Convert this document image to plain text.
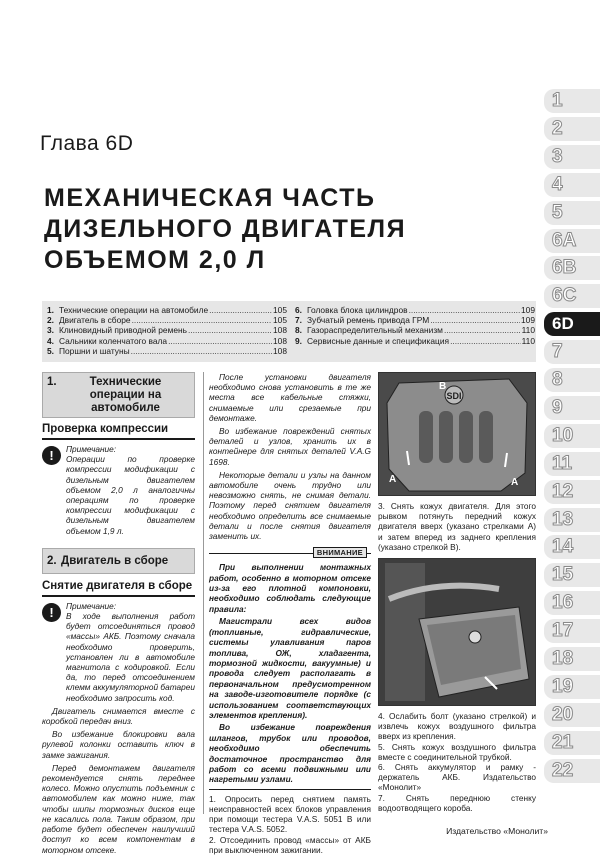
Глава 6D
МЕХАНИЧЕСКАЯ ЧАСТЬ
ДИЗЕЛЬНОГО ДВИГАТЕЛЯ
ОБЪЕМОМ 2,0 Л
1. Технические операции на автомобиле .....	105
2. Двигатель в сборе .....	105
3. Клиновидный приводной ремень .....	108
4. Сальники коленчатого вала .....	108
5. Поршни и шатуны .....	108
6. Головка блока цилиндров .....	109
7. Зубчатый ремень привода ГРМ .....	109
8. Газораспределительный механизм .....	110
9. Сервисные данные и спецификация .....	110
1.	Технические операции на автомобиле
Проверка компрессии
!	Примечание:
Операции по проверке компрессии модификации с дизельным двигателем объемом 2,0 л аналогичны операциям по проверке компрессии модификации с дизельным двигателем объемом 1,9 л.
2. Двигатель в сборе
Снятие двигателя в сборе
!	Примечание:
В ходе выполнения работ будет отсоединяться провод «массы» АКБ. Поэтому сначала необходимо проверить, установлен ли в автомобиле магнитола с кодировкой. Если да, то перед отсоединением клемм аккумуляторной батареи необходимо запросить код.

Двигатель снимается вместе с коробкой передач вниз.

Во избежание блокировки вала рулевой колонки оставить ключ в замке зажигания.

Перед демонтажем двигателя рекомендуется снять переднее колесо. Можно опустить подъемник с автомобилем как можно ниже, так чтобы шипы тормозных дисков еще не касались пола. Таким образом, при работе будет обеспечен наилучший доступ ко всем компонентам в моторном отсеке.

После установки двигателя необходимо снова установить в те же места все кабельные стяжки, снимаемые или срезаемые при демонтаже.

Во избежание повреждений снятых деталей и узлов, хранить их в контейнере для снятых деталей V.A.G 1698.

Некоторые детали и узлы на данном автомобиле очень трудно или невозможно снять, не снимая детали. Поэтому перед снятием двигателя необходимо определить все снимаемые детали и после снятия двигателя заменить их.

При выполнении монтажных работ, особенно в моторном отсеке из-за его плотной компоновки, необходимо соблюдать следующие правила:

Магистрали всех видов (топливные, гидравлические, системы улавливания паров топлива, ОЖ, хладагента, тормозной жидкости, вакуумные) и провода следует располагать в первоначальном предусмотренном на заводе-изготовителе порядке (с использованием соответствующих элементов крепления).

Во избежание повреждения шлангов, трубок или проводов, необходимо обеспечить достаточное пространство для работ со всеми подвижными или нагретыми узлами.

ВНИМАНИЕ
1. Опросить перед снятием память неисправностей всех блоков управления при помощи тестера V.A.S. 5051 В или тестера V.A.S. 5052.
2. Отсоединить провод «массы» от АКБ при выключенном зажигании.
SDI
А	А
В
3. Снять кожух двигателя. Для этого рывком потянуть передний кожух двигателя вверх (указано стрелками А) и затем вперед из заднего крепления (указано стрелкой В).
4. Ослабить болт (указано стрелкой) и извлечь кожух воздушного фильтра вверх из крепления.
5. Снять кожух воздушного фильтра вместе с соединительной трубкой.
6. Снять аккумулятор и рамку - держатель АКБ. Издательство «Монолит»
7. Снять переднюю стенку водоотводящего короба.
1
2
3
4
5
6А
6В
6С
6D
7
8
9
10
11
12
13
14
15
16
17
18
19
20
21
22
Издательство «Монолит»
